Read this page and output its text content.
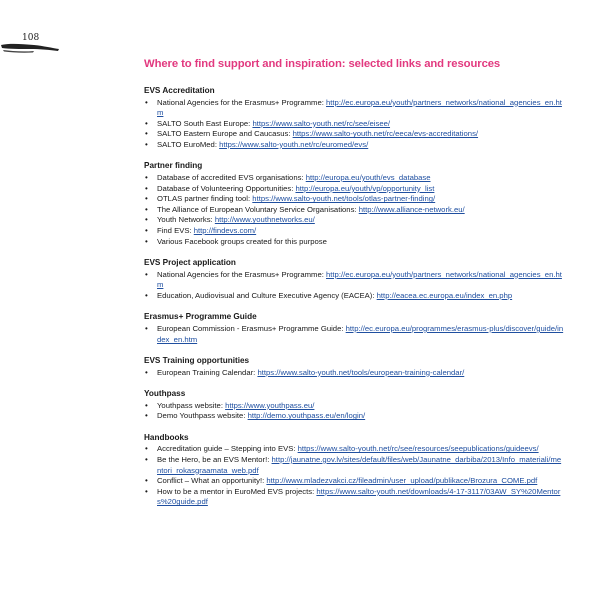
108
Where to find support and inspiration: selected links and resources
EVS Accreditation
• National Agencies for the Erasmus+ Programme: http://ec.europa.eu/youth/partners_networks/national_agencies_en.htm
• SALTO South East Europe: https://www.salto-youth.net/rc/see/eisee/
• SALTO Eastern Europe and Caucasus: https://www.salto-youth.net/rc/eeca/evs-accreditations/
• SALTO EuroMed: https://www.salto-youth.net/rc/euromed/evs/
Partner finding
• Database of accredited EVS organisations: http://europa.eu/youth/evs_database
• Database of Volunteering Opportunities: http://europa.eu/youth/vp/opportunity_list
• OTLAS partner finding tool: https://www.salto-youth.net/tools/otlas-partner-finding/
• The Alliance of European Voluntary Service Organisations: http://www.alliance-network.eu/
• Youth Networks: http://www.youthnetworks.eu/
• Find EVS: http://findevs.com/
• Various Facebook groups created for this purpose
EVS Project application
• National Agencies for the Erasmus+ Programme: http://ec.europa.eu/youth/partners_networks/national_agencies_en.htm
• Education, Audiovisual and Culture Executive Agency (EACEA): http://eacea.ec.europa.eu/index_en.php
Erasmus+ Programme Guide
• European Commission - Erasmus+ Programme Guide: http://ec.europa.eu/programmes/erasmus-plus/discover/guide/index_en.htm
EVS Training opportunities
• European Training Calendar: https://www.salto-youth.net/tools/european-training-calendar/
Youthpass
• Youthpass website: https://www.youthpass.eu/
• Demo Youthpass website: http://demo.youthpass.eu/en/login/
Handbooks
• Accreditation guide – Stepping into EVS: https://www.salto-youth.net/rc/see/resources/seepublications/guideevs/
• Be the Hero, be an EVS Mentor!: http://jaunatne.gov.lv/sites/default/files/web/Jaunatne_darbiba/2013/Info_materiali/mentori_rokasgraamata_web.pdf
• Conflict – What an opportunity!: http://www.mladezvakci.cz/fileadmin/user_upload/publikace/Brozura_COME.pdf
• How to be a mentor in EuroMed EVS projects: https://www.salto-youth.net/downloads/4-17-3117/03AW_SY%20Mentors%20guide.pdf
